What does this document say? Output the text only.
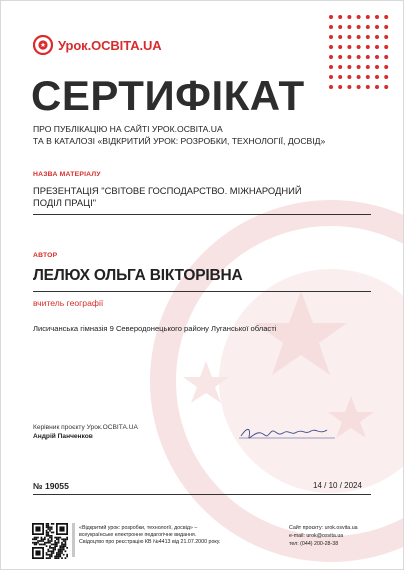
Урок.ОСВІТА.UA
СЕРТИФІКАТ
ПРО ПУБЛІКАЦІЮ НА САЙТІ УРОК.OCBITA.UA
ТА В КАТАЛОЗІ «ВІДКРИТИЙ УРОК: РОЗРОБКИ, ТЕХНОЛОГІЇ, ДОСВІД»
НАЗВА МАТЕРІАЛУ
ПРЕЗЕНТАЦІЯ "СВІТОВЕ ГОСПОДАРСТВО. МІЖНАРОДНИЙ
ПОДІЛ ПРАЦІ"
АВТОР
ЛЕЛЮХ ОЛЬГА ВІКТОРІВНА
вчитель географії
Лисичанська гімназія 9 Северодонецького району Луганської області
Керівник проєкту Урок.ОСВІТА.UA
Андрій Панченков
№ 19055	14 / 10 / 2024
«Відкритий урок: розробки, технології, досвід» –
всеукраїнське електронне педагогічне видання.
Свідоцтво про реєстрацію КВ №4413 від 21.07.2000 року.
Сайт проєкту: urok.osvita.ua
e-mail: urok@osvita.ua
тел: (044) 200-28-38
